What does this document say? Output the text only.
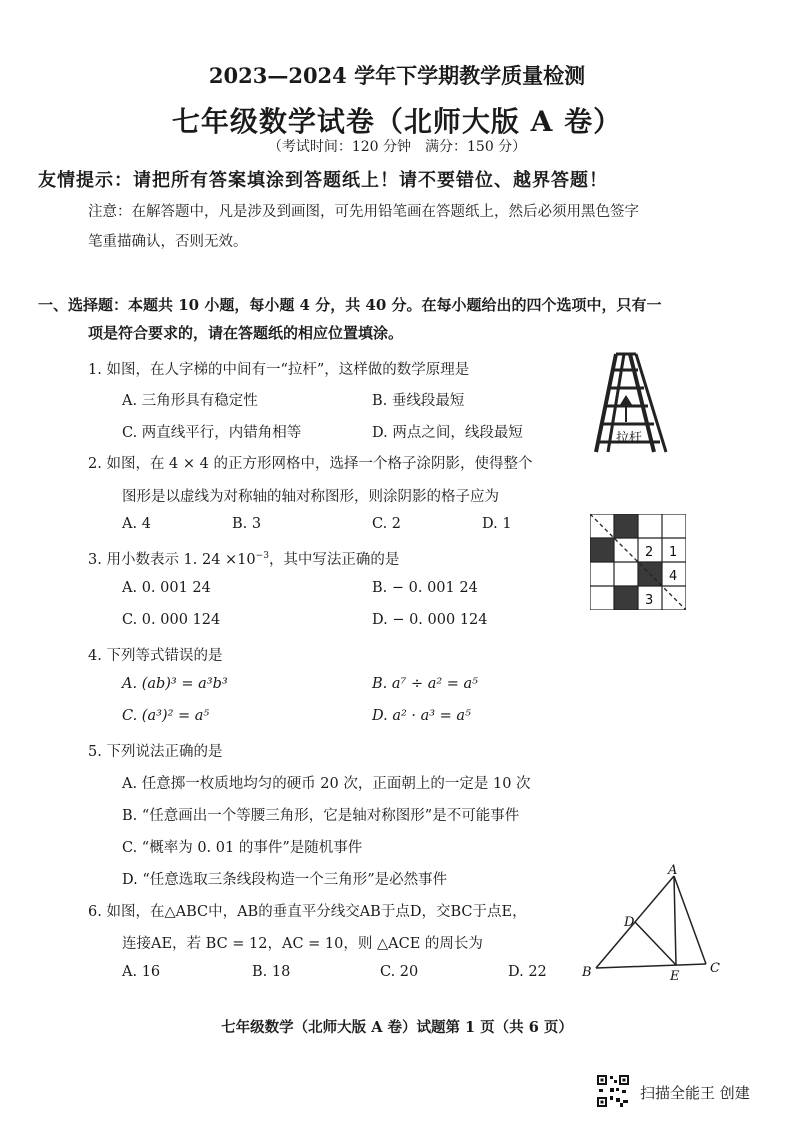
2023—2024 学年下学期教学质量检测
七年级数学试卷（北师大版 A 卷）
（考试时间：120 分钟　满分：150 分）
友情提示：请把所有答案填涂到答题纸上！请不要错位、越界答题！
注意：在解答题中，凡是涉及到画图，可先用铅笔画在答题纸上，然后必须用黑色签字
笔重描确认，否则无效。
一、选择题：本题共 10 小题，每小题 4 分，共 40 分。在每小题给出的四个选项中，只有一
项是符合要求的，请在答题纸的相应位置填涂。
1. 如图，在人字梯的中间有一“拉杆”，这样做的数学原理是
A. 三角形具有稳定性	B. 垂线段最短
C. 两直线平行，内错角相等	D. 两点之间，线段最短	拉杆
2. 如图，在 4 × 4 的正方形网格中，选择一个格子涂阴影，使得整个
图形是以虚线为对称轴的轴对称图形，则涂阴影的格子应为
A. 4	B. 3	C. 2	D. 1
2 1
4
3
3. 用小数表示 1. $24 \times 10^{-3}$，其中写法正确的是
A. 0. 001 24	B. − 0. 001 24
C. 0. 000 124	D. − 0. 000 124
4. 下列等式错误的是
A. (ab)³ = a³b³	B. a⁷ ÷ a² = a⁵
C. (a³)² = a⁵	D. a² · a³ = a⁵
5. 下列说法正确的是
A. 任意掷一枚质地均匀的硬币 20 次，正面朝上的一定是 10 次
B. “任意画出一个等腰三角形，它是轴对称图形”是不可能事件
C. “概率为 0. 01 的事件”是随机事件
D. “任意选取三条线段构造一个三角形”是必然事件
6. 如图，在△ABC中，AB的垂直平分线交AB于点D，交BC于点E，
连接AE，若 BC = 12，AC = 10，则 △ACE 的周长为
A. 16	B. 18	C. 20	D. 22
A
D
B	E
C
七年级数学（北师大版 A 卷）试题第 1 页（共 6 页）
扫描全能王 创建
